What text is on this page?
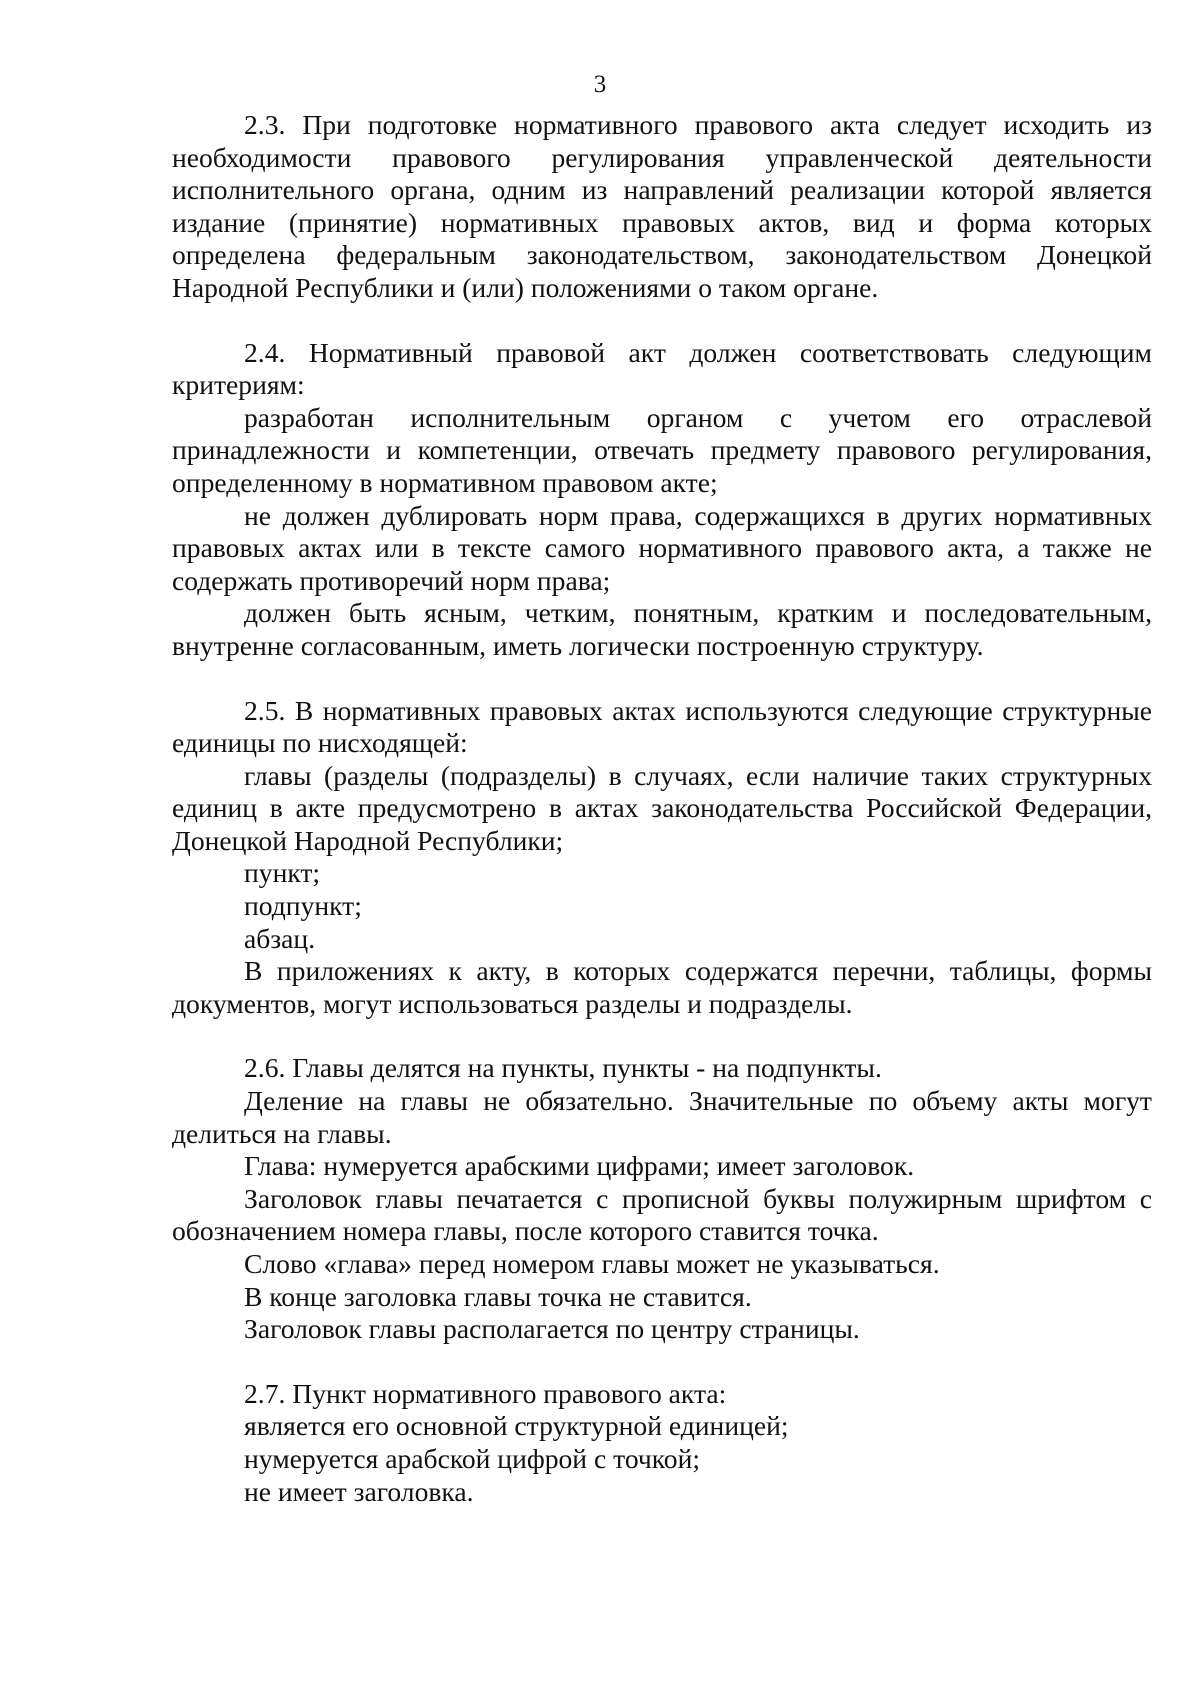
3

2.3. При подготовке нормативного правового акта следует исходить из необходимости правового регулирования управленческой деятельности исполнительного органа, одним из направлений реализации которой является издание (принятие) нормативных правовых актов, вид и форма которых определена федеральным законодательством, законодательством Донецкой Народной Республики и (или) положениями о таком органе.

2.4. Нормативный правовой акт должен соответствовать следующим критериям:

разработан исполнительным органом с учетом его отраслевой принадлежности и компетенции, отвечать предмету правового регулирования, определенному в нормативном правовом акте;

не должен дублировать норм права, содержащихся в других нормативных правовых актах или в тексте самого нормативного правового акта, а также не содержать противоречий норм права;

должен быть ясным, четким, понятным, кратким и последовательным, внутренне согласованным, иметь логически построенную структуру.

2.5. В нормативных правовых актах используются следующие структурные единицы по нисходящей:

главы (разделы (подразделы) в случаях, если наличие таких структурных единиц в акте предусмотрено в актах законодательства Российской Федерации, Донецкой Народной Республики;

пункт;

подпункт;

абзац.

В приложениях к акту, в которых содержатся перечни, таблицы, формы документов, могут использоваться разделы и подразделы.

2.6. Главы делятся на пункты, пункты - на подпункты.

Деление на главы не обязательно. Значительные по объему акты могут делиться на главы.

Глава: нумеруется арабскими цифрами; имеет заголовок.

Заголовок главы печатается с прописной буквы полужирным шрифтом с обозначением номера главы, после которого ставится точка.

Слово «глава» перед номером главы может не указываться.

В конце заголовка главы точка не ставится.

Заголовок главы располагается по центру страницы.

2.7. Пункт нормативного правового акта:

является его основной структурной единицей;

нумеруется арабской цифрой с точкой;

не имеет заголовка.
